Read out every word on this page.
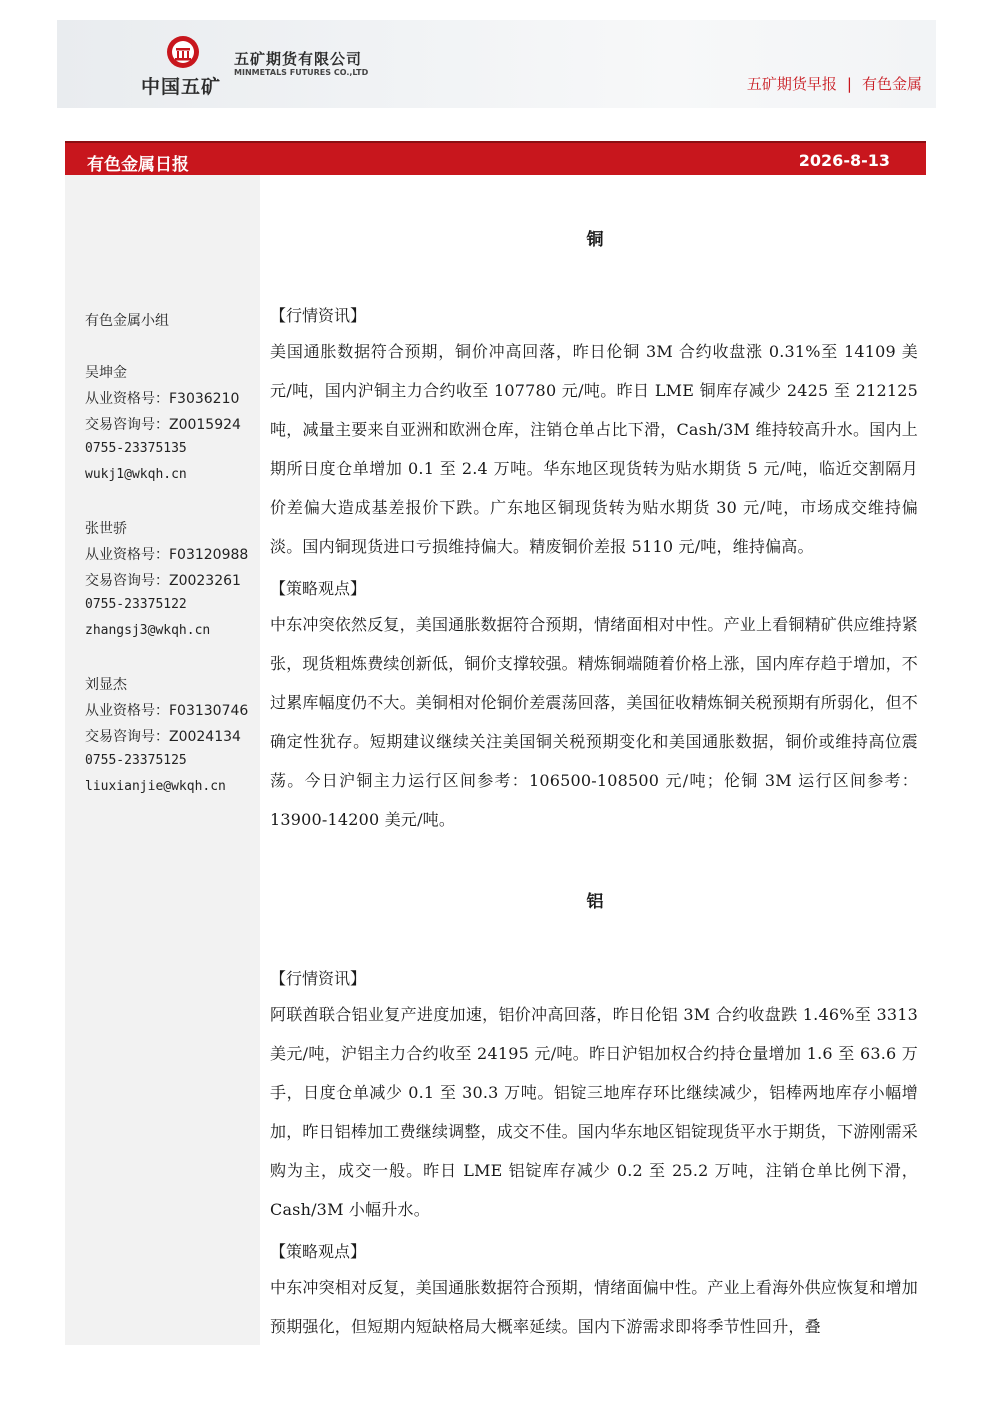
中国五矿
五矿期货有限公司
MINMETALS FUTURES CO.,LTD
五矿期货早报 | 有色金属
有色金属日报	2026-8-13
有色金属小组
吴坤金
从业资格号：F3036210
交易咨询号：Z0015924
0755-23375135
wukj1@wkqh.cn
张世骄
从业资格号：F03120988
交易咨询号：Z0023261
0755-23375122
zhangsj3@wkqh.cn
刘显杰
从业资格号：F03130746
交易咨询号：Z0024134
0755-23375125
liuxianjie@wkqh.cn
铜
【行情资讯】

美国通胀数据符合预期，铜价冲高回落，昨日伦铜 3M 合约收盘涨 0.31%至 14109 美元/吨，国内沪铜主力合约收至 107780 元/吨。昨日 LME 铜库存减少 2425 至 212125 吨，减量主要来自亚洲和欧洲仓库，注销仓单占比下滑，Cash/3M 维持较高升水。国内上期所日度仓单增加 0.1 至 2.4 万吨。华东地区现货转为贴水期货 5 元/吨，临近交割隔月价差偏大造成基差报价下跌。广东地区铜现货转为贴水期货 30 元/吨，市场成交维持偏淡。国内铜现货进口亏损维持偏大。精废铜价差报 5110 元/吨，维持偏高。

【策略观点】

中东冲突依然反复，美国通胀数据符合预期，情绪面相对中性。产业上看铜精矿供应维持紧张，现货粗炼费续创新低，铜价支撑较强。精炼铜端随着价格上涨，国内库存趋于增加，不过累库幅度仍不大。美铜相对伦铜价差震荡回落，美国征收精炼铜关税预期有所弱化，但不确定性犹存。短期建议继续关注美国铜关税预期变化和美国通胀数据，铜价或维持高位震荡。今日沪铜主力运行区间参考：106500-108500 元/吨；伦铜 3M 运行区间参考：13900-14200 美元/吨。

铝
【行情资讯】

阿联酋联合铝业复产进度加速，铝价冲高回落，昨日伦铝 3M 合约收盘跌 1.46%至 3313 美元/吨，沪铝主力合约收至 24195 元/吨。昨日沪铝加权合约持仓量增加 1.6 至 63.6 万手，日度仓单减少 0.1 至 30.3 万吨。铝锭三地库存环比继续减少，铝棒两地库存小幅增加，昨日铝棒加工费继续调整，成交不佳。国内华东地区铝锭现货平水于期货，下游刚需采购为主，成交一般。昨日 LME 铝锭库存减少 0.2 至 25.2 万吨，注销仓单比例下滑，Cash/3M 小幅升水。

【策略观点】

中东冲突相对反复，美国通胀数据符合预期，情绪面偏中性。产业上看海外供应恢复和增加预期强化，但短期内短缺格局大概率延续。国内下游需求即将季节性回升，叠
